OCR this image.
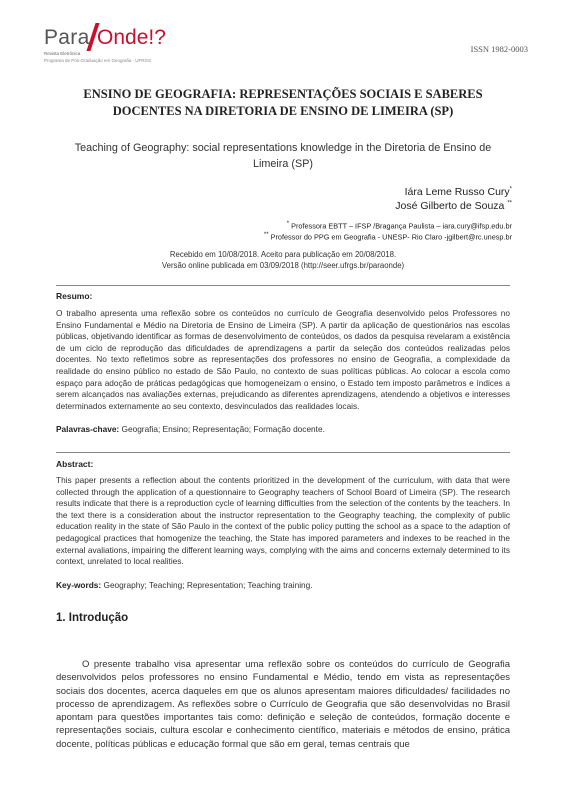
Para Onde!?
Revista Eletrônica
Programa de Pós-Graduação em Geografia - UFRGS
ISSN 1982-0003
ENSINO DE GEOGRAFIA: REPRESENTAÇÕES SOCIAIS E SABERES DOCENTES NA DIRETORIA DE ENSINO DE LIMEIRA (SP)
Teaching of Geography: social representations knowledge in the Diretoria de Ensino de Limeira (SP)
Iára Leme Russo Cury*
José Gilberto de Souza **
* Professora EBTT – IFSP /Bragança Paulista – iara.cury@ifsp.edu.br
** Professor do PPG em Geografia - UNESP- Rio Claro -jgilbert@rc.unesp.br
Recebido em 10/08/2018. Aceito para publicação em 20/08/2018.
Versão online publicada em 03/09/2018 (http://seer.ufrgs.br/paraonde)
Resumo:
O trabalho apresenta uma reflexão sobre os conteúdos no currículo de Geografia desenvolvido pelos Professores no Ensino Fundamental e Médio na Diretoria de Ensino de Limeira (SP). A partir da aplicação de questionários nas escolas públicas, objetivando identificar as formas de desenvolvimento de conteúdos, os dados da pesquisa revelaram a existência de um ciclo de reprodução das dificuldades de aprendizagens a partir da seleção dos conteúdos realizadas pelos docentes. No texto refletimos sobre as representações dos professores no ensino de Geografia, a complexidade da realidade do ensino público no estado de São Paulo, no contexto de suas políticas públicas. Ao colocar a escola como espaço para adoção de práticas pedagógicas que homogeneizam o ensino, o Estado tem imposto parâmetros e índices a serem alcançados nas avaliações externas, prejudicando as diferentes aprendizagens, atendendo a objetivos e interesses determinados externamente ao seu contexto, desvinculados das realidades locais.
Palavras-chave: Geografia; Ensino; Representação; Formação docente.
Abstract:
This paper presents a reflection about the contents prioritized in the development of the curriculum, with data that were collected through the application of a questionnaire to Geography teachers of School Board of Limeira (SP). The research results indicate that there is a reproduction cycle of learning difficulties from the selection of the contents by the teachers. In the text there is a consideration about the instructor representation to the Geography teaching, the complexity of public education reality in the state of São Paulo in the context of the public policy putting the school as a space to the adaption of pedagogical practices that homogenize the teaching, the State has impored parameters and indexes to be reached in the external avaliations, impairing the different learning ways, complying with the aims and concerns externaly determined to its context, unrelated to local realities.
Key-words: Geography; Teaching; Representation; Teaching training.
1. Introdução
O presente trabalho visa apresentar uma reflexão sobre os conteúdos do currículo de Geografia desenvolvidos pelos professores no ensino Fundamental e Médio, tendo em vista as representações sociais dos docentes, acerca daqueles em que os alunos apresentam maiores dificuldades/ facilidades no processo de aprendizagem. As reflexões sobre o Currículo de Geografia que são desenvolvidas no Brasil apontam para questões importantes tais como: definição e seleção de conteúdos, formação docente e representações sociais, cultura escolar e conhecimento científico, materiais e métodos de ensino, prática docente, políticas públicas e educação formal que são em geral, temas centrais que
